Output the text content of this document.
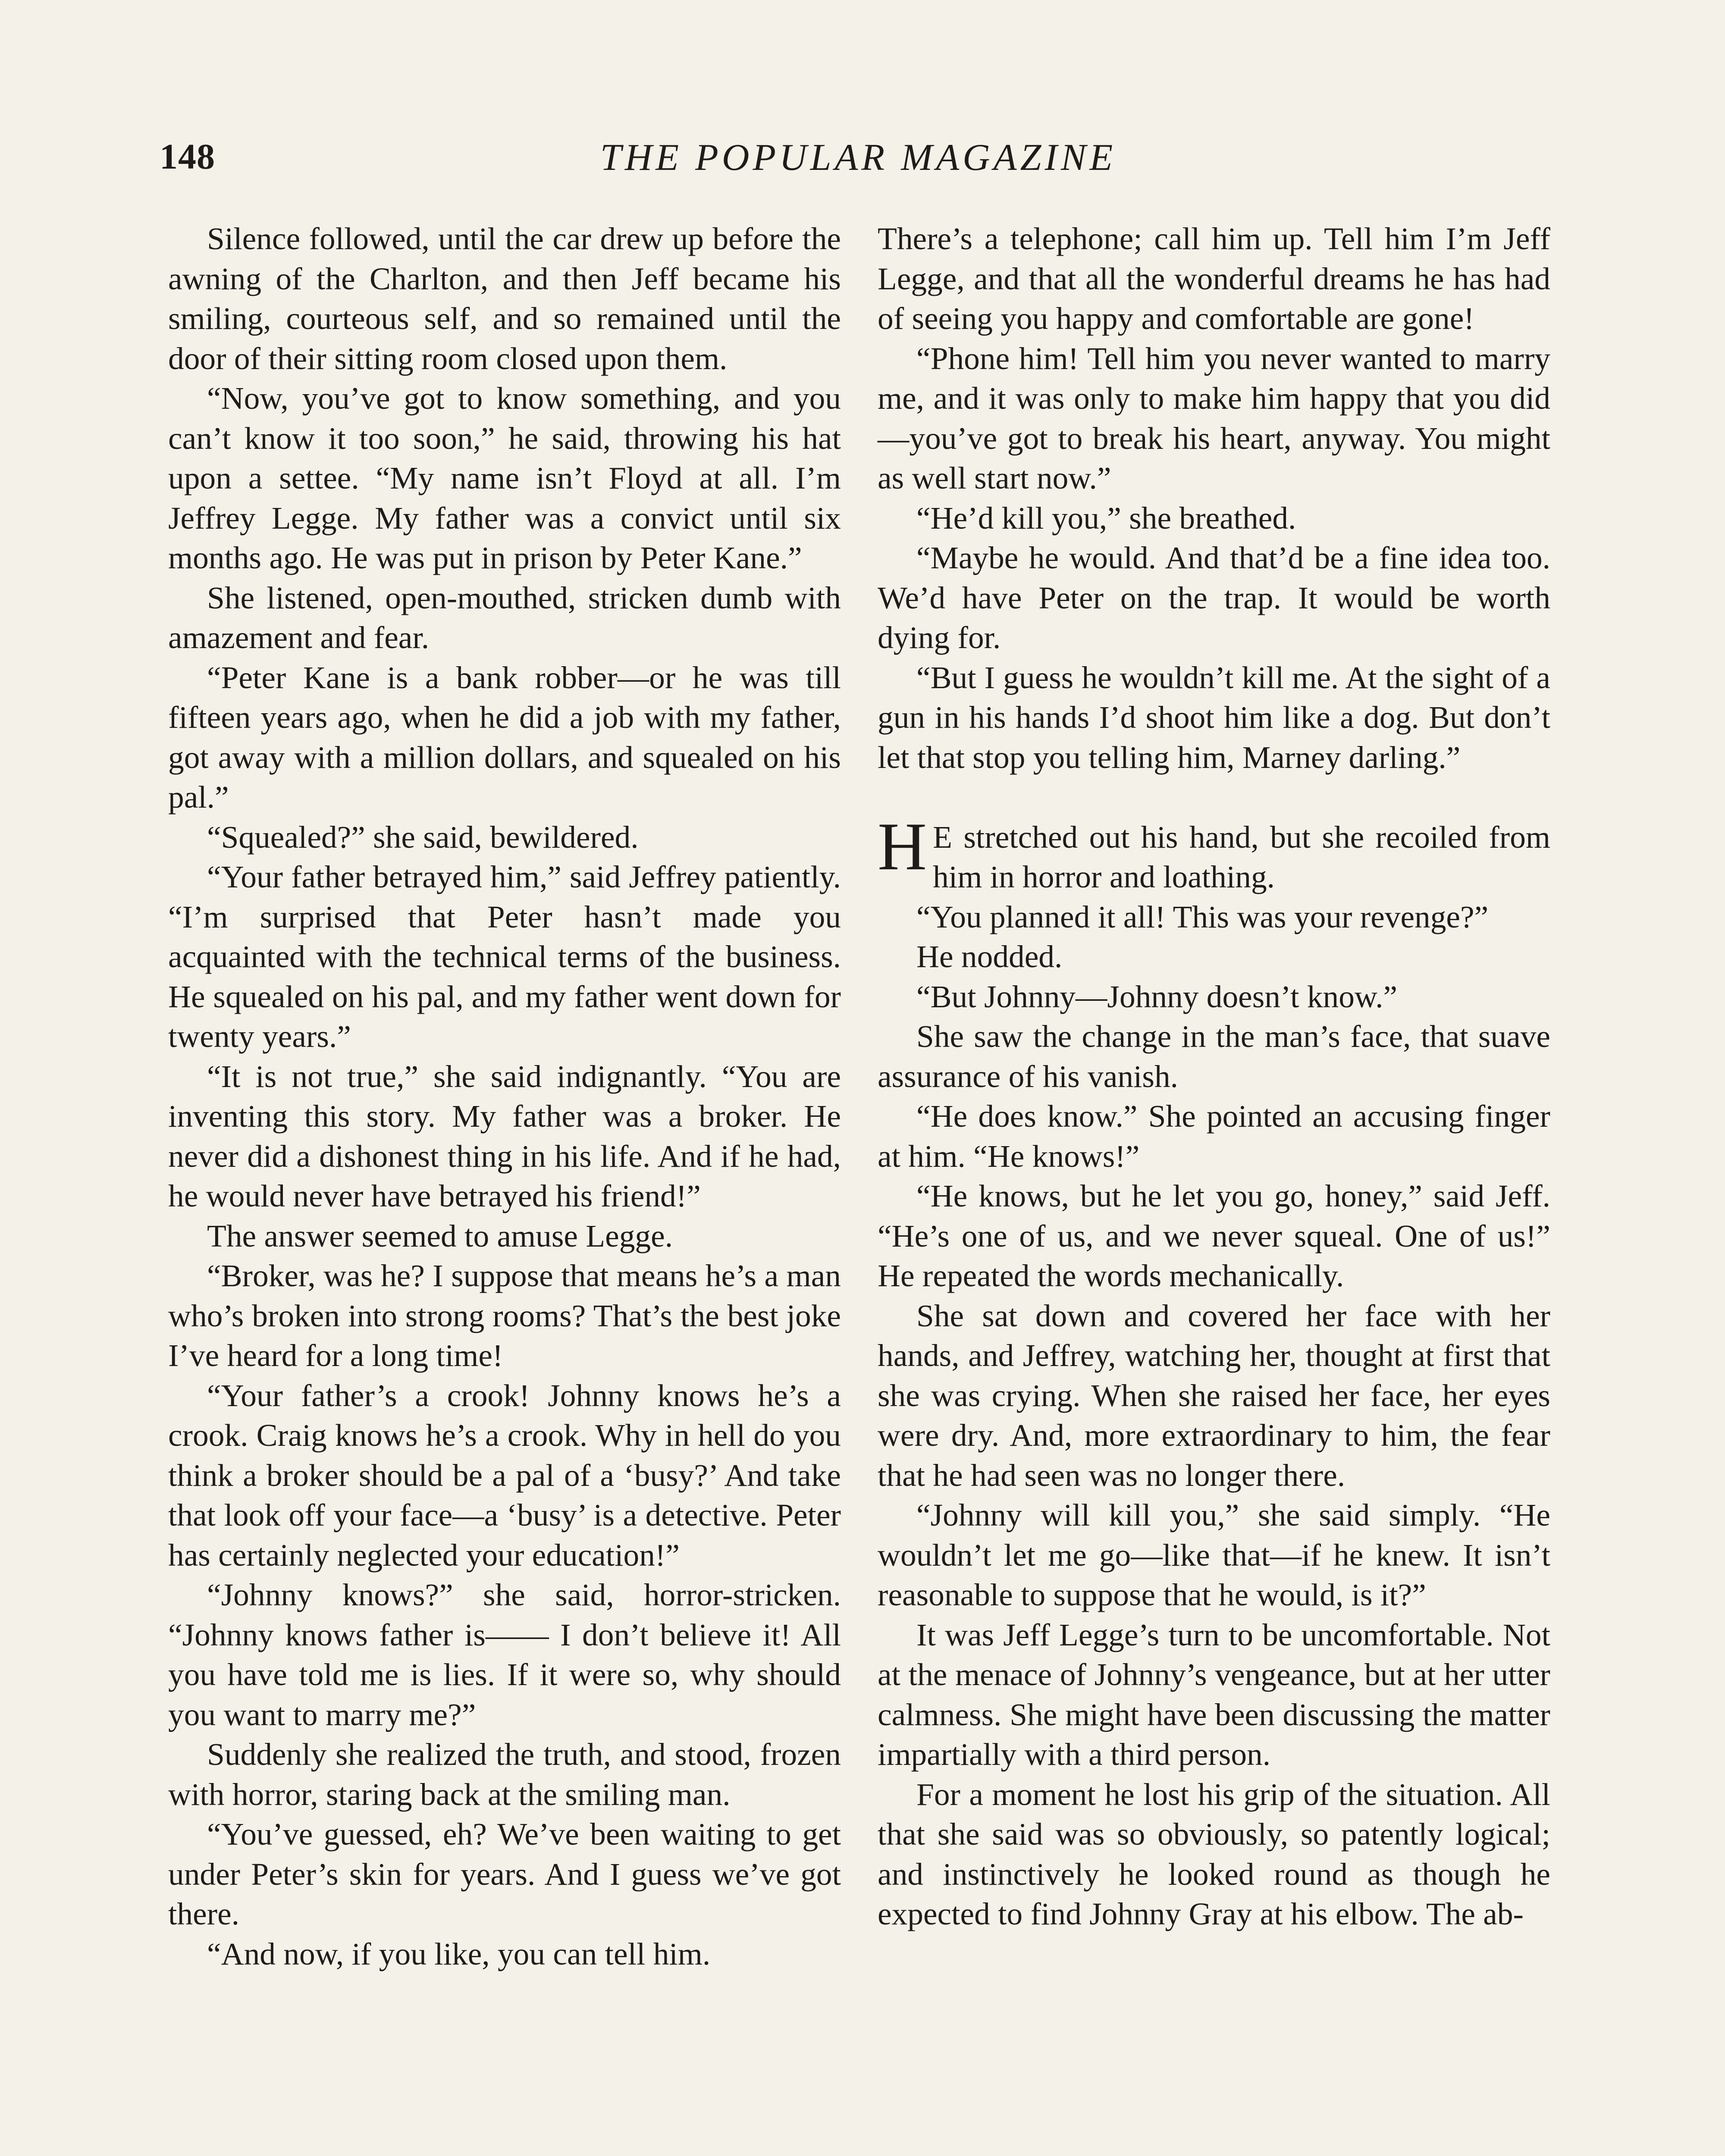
148	THE POPULAR MAGAZINE

Silence followed, until the car drew up before the awning of the Charlton, and then Jeff became his smiling, courteous self, and so remained until the door of their sitting room closed upon them.

“Now, you’ve got to know something, and you can’t know it too soon,” he said, throwing his hat upon a settee. “My name isn’t Floyd at all. I’m Jeffrey Legge. My father was a convict until six months ago. He was put in prison by Peter Kane.”

She listened, open-mouthed, stricken dumb with amazement and fear.

“Peter Kane is a bank robber—or he was till fifteen years ago, when he did a job with my father, got away with a million dollars, and squealed on his pal.”

“Squealed?” she said, bewildered.

“Your father betrayed him,” said Jeffrey patiently. “I’m surprised that Peter hasn’t made you acquainted with the technical terms of the business. He squealed on his pal, and my father went down for twenty years.”

“It is not true,” she said indignantly. “You are inventing this story. My father was a broker. He never did a dishonest thing in his life. And if he had, he would never have betrayed his friend!”

The answer seemed to amuse Legge.

“Broker, was he? I suppose that means he’s a man who’s broken into strong rooms? That’s the best joke I’ve heard for a long time!

“Your father’s a crook! Johnny knows he’s a crook. Craig knows he’s a crook. Why in hell do you think a broker should be a pal of a ‘busy?’ And take that look off your face—a ‘busy’ is a detective. Peter has certainly neglected your education!”

“Johnny knows?” she said, horror-stricken. “Johnny knows father is—— I don’t believe it! All you have told me is lies. If it were so, why should you want to marry me?”

Suddenly she realized the truth, and stood, frozen with horror, staring back at the smiling man.

“You’ve guessed, eh? We’ve been waiting to get under Peter’s skin for years. And I guess we’ve got there.

“And now, if you like, you can tell him.

There’s a telephone; call him up. Tell him I’m Jeff Legge, and that all the wonderful dreams he has had of seeing you happy and comfortable are gone!

“Phone him! Tell him you never wanted to marry me, and it was only to make him happy that you did—you’ve got to break his heart, anyway. You might as well start now.”

“He’d kill you,” she breathed.

“Maybe he would. And that’d be a fine idea too. We’d have Peter on the trap. It would be worth dying for.

“But I guess he wouldn’t kill me. At the sight of a gun in his hands I’d shoot him like a dog. But don’t let that stop you telling him, Marney darling.”

H E stretched out his hand, but she recoiled from him in horror and loathing.

“You planned it all! This was your revenge?”

He nodded.

“But Johnny—Johnny doesn’t know.”

She saw the change in the man’s face, that suave assurance of his vanish.

“He does know.” She pointed an accusing finger at him. “He knows!”

“He knows, but he let you go, honey,” said Jeff. “He’s one of us, and we never squeal. One of us!” He repeated the words mechanically.

She sat down and covered her face with her hands, and Jeffrey, watching her, thought at first that she was crying. When she raised her face, her eyes were dry. And, more extraordinary to him, the fear that he had seen was no longer there.

“Johnny will kill you,” she said simply. “He wouldn’t let me go—like that—if he knew. It isn’t reasonable to suppose that he would, is it?”

It was Jeff Legge’s turn to be uncomfortable. Not at the menace of Johnny’s vengeance, but at her utter calmness. She might have been discussing the matter impartially with a third person.

For a moment he lost his grip of the situation. All that she said was so obviously, so patently logical; and instinctively he looked round as though he expected to find Johnny Gray at his elbow. The ab-
